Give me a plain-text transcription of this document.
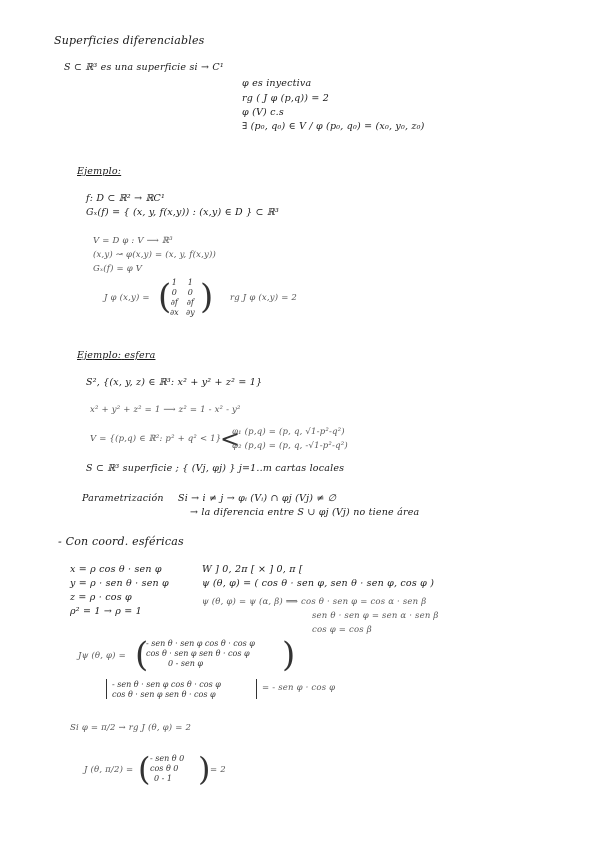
Superficies diferenciables
S ⊂ ℝ³ es una superficie si → C¹
φ es inyectiva
rg ( J φ (p,q)) = 2
φ (V) c.s
∃ (p₀, q₀) ∈ V / φ (p₀, q₀) = (x₀, y₀, z₀)
Ejemplo:
f: D ⊂ ℝ² → ℝC¹
Gₓ(f) = { (x, y, f(x,y)) : (x,y) ∈ D } ⊂ ℝ³
V = D φ : V ⟶ ℝ³
(x,y) ↝ φ(x,y) = (x, y, f(x,y))
Gₓ(f) = φ V
J φ (x,y) = ( 1
0
∂f
∂x
1
0
∂f
∂y ) rg J φ (x,y) = 2
Ejemplo: esfera
S², {(x, y, z) ∈ ℝ³: x² + y² + z² = 1}
x² + y² + z² = 1 ⟶ z² = 1 - x² - y²
V = {(p,q) ∈ ℝ²: p² + q² < 1}
<
φ₁ (p,q) = (p, q, √1-p²-q²)
φ₂ (p,q) = (p, q, -√1-p²-q²)
S ⊂ ℝ³ superficie ; { (Vj, φj) } j=1..m cartas locales
Parametrización Si → i ≠ j → φᵢ (Vᵢ) ∩ φj (Vj) ≠ ∅
→ la diferencia entre S ∪ φj (Vj) no tiene área
- Con coord. esféricas
x = ρ cos θ · sen φ
y = ρ · sen θ · sen φ
z = ρ · cos φ
ρ² = 1 → ρ = 1
W ] 0, 2π [ × ] 0, π [
ψ (θ, φ) = ( cos θ · sen φ, sen θ · sen φ, cos φ )
ψ (θ, φ) = ψ (α, β) ⟹ cos θ · sen φ = cos α · sen β
sen θ · sen φ = sen α · sen β
cos φ = cos β
Jψ (θ, φ) = (
- sen θ · sen φ cos θ · cos φ
cos θ · sen φ sen θ · cos φ
0 - sen φ	)
- sen θ · sen φ cos θ · cos φ
cos θ · sen φ sen θ · cos φ
= - sen φ · cos φ
Si φ = π/2 → rg J (θ, φ) = 2
J (θ, π/2) = ( - sen θ 0
cos θ 0
0 - 1 ) = 2
